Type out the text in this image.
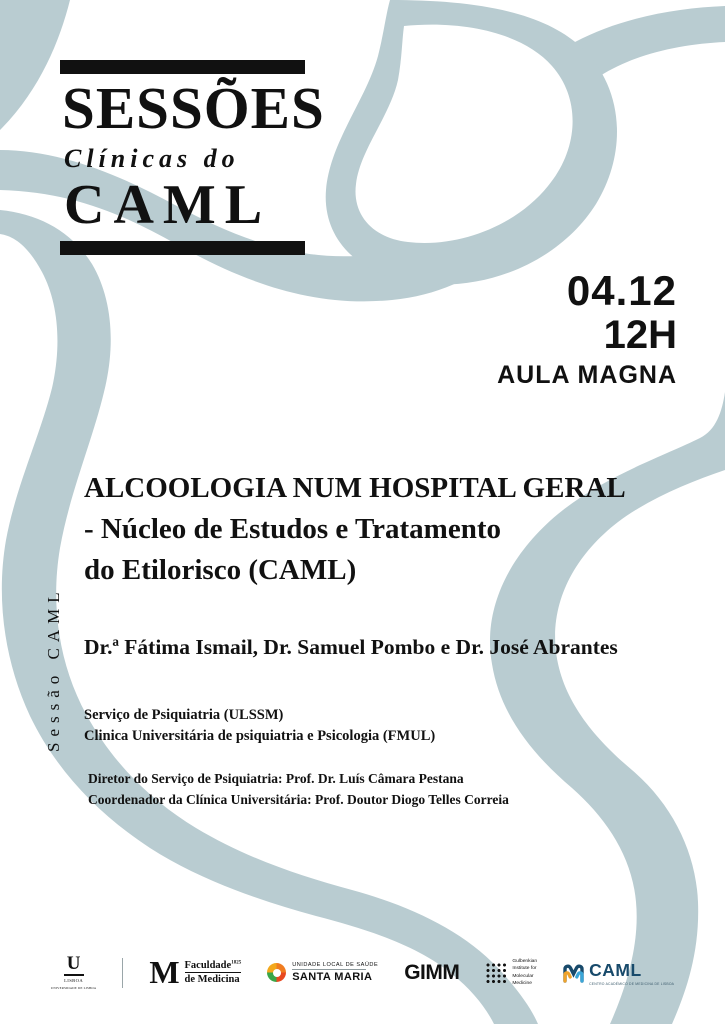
SESSÕES
Clínicas do
CAML
04.12
12H
AULA MAGNA
Sessão CAML
ALCOOLOGIA NUM HOSPITAL GERAL
- Núcleo de Estudos e Tratamento
do Etilorisco (CAML)
Dr.ª Fátima Ismail, Dr. Samuel Pombo e Dr. José Abrantes
Serviço de Psiquiatria (ULSSM)
Clinica Universitária de psiquiatria e Psicologia (FMUL)
Diretor do Serviço de Psiquiatria: Prof. Dr. Luís Câmara Pestana
Coordenador da Clínica Universitária: Prof. Doutor Diogo Telles Correia
U
LISBOA
UNIVERSIDADE DE LISBOA M Faculdade$^{1825}$
de Medicina
UNIDADE LOCAL DE SAÚDE
SANTA MARIA GIMM	Gulbenkian
Institute for
Molecular
Medicine
CAML
CENTRO ACADÉMICO DE MEDICINA DE LISBOA
